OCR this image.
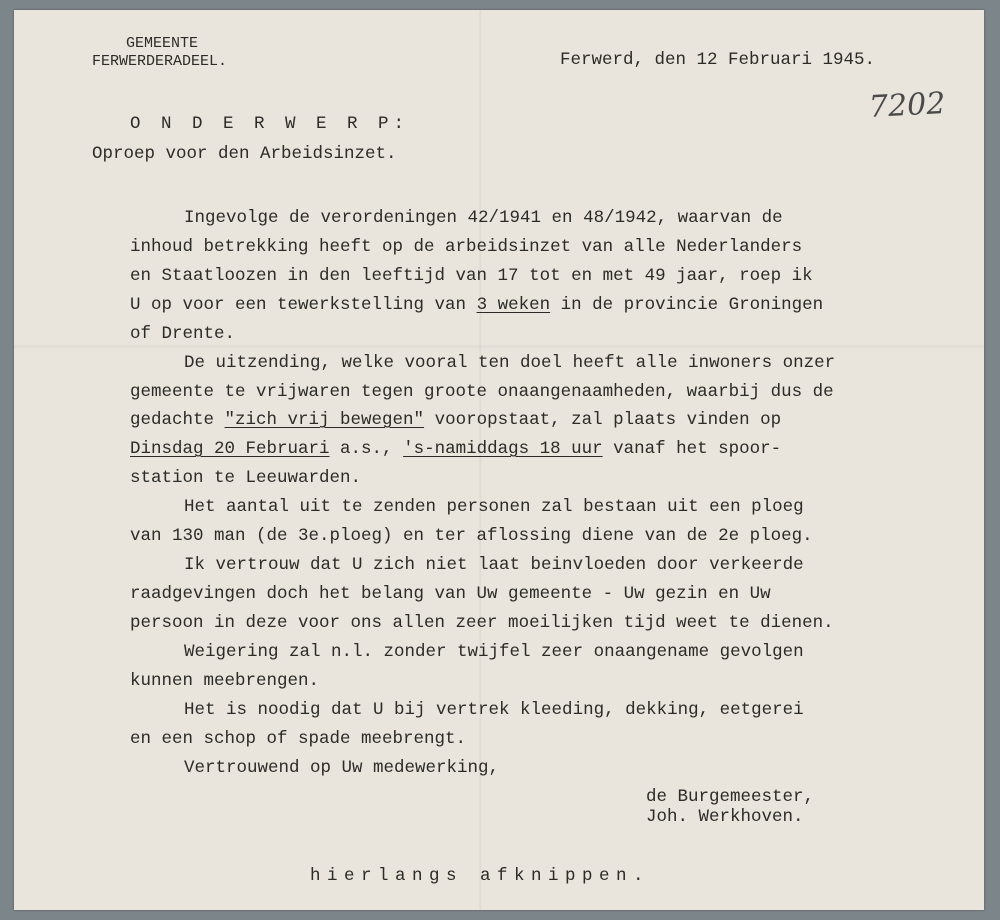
GEMEENTE
FERWERDERADEEL.	Ferwerd, den 12 Februari 1945.
7202
O N D E R W E R P:
Oproep voor den Arbeidsinzet.
Ingevolge de verordeningen 42/1941 en 48/1942, waarvan de
inhoud betrekking heeft op de arbeidsinzet van alle Nederlanders
en Staatloozen in den leeftijd van 17 tot en met 49 jaar, roep ik
U op voor een tewerkstelling van 3 weken in de provincie Groningen
of Drente.
De uitzending, welke vooral ten doel heeft alle inwoners onzer
gemeente te vrijwaren tegen groote onaangenaamheden, waarbij dus de
gedachte "zich vrij bewegen" vooropstaat, zal plaats vinden op
Dinsdag 20 Februari a.s., 's-namiddags 18 uur vanaf het spoor-
station te Leeuwarden.
Het aantal uit te zenden personen zal bestaan uit een ploeg
van 130 man (de 3e.ploeg) en ter aflossing diene van de 2e ploeg.
Ik vertrouw dat U zich niet laat beinvloeden door verkeerde
raadgevingen doch het belang van Uw gemeente - Uw gezin en Uw
persoon in deze voor ons allen zeer moeilijken tijd weet te dienen.
Weigering zal n.l. zonder twijfel zeer onaangename gevolgen
kunnen meebrengen.
Het is noodig dat U bij vertrek kleeding, dekking, eetgerei
en een schop of spade meebrengt.
Vertrouwend op Uw medewerking,
de Burgemeester,
Joh. Werkhoven.
hierlangs afknippen.
